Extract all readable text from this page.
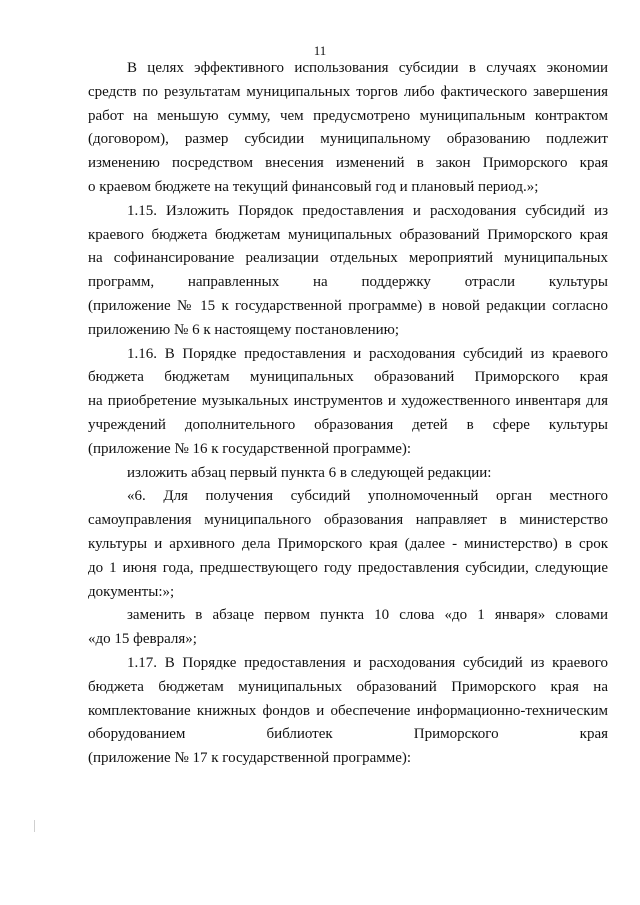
11

В целях эффективного использования субсидии в случаях экономии
средств по результатам муниципальных торгов либо фактического завершения
работ на меньшую сумму, чем предусмотрено муниципальным контрактом
(договором), размер субсидии муниципальному образованию подлежит
изменению посредством внесения изменений в закон Приморского края
о краевом бюджете на текущий финансовый год и плановый период.»;

1.15. Изложить Порядок предоставления и расходования субсидий из
краевого бюджета бюджетам муниципальных образований Приморского края
на софинансирование реализации отдельных мероприятий муниципальных
программ, направленных на поддержку отрасли культуры
(приложение № 15 к государственной программе) в новой редакции согласно
приложению № 6 к настоящему постановлению;

1.16. В Порядке предоставления и расходования субсидий из краевого
бюджета бюджетам муниципальных образований Приморского края
на приобретение музыкальных инструментов и художественного инвентаря для
учреждений дополнительного образования детей в сфере культуры
(приложение № 16 к государственной программе):

изложить абзац первый пункта 6 в следующей редакции:

«6. Для получения субсидий уполномоченный орган местного
самоуправления муниципального образования направляет в министерство
культуры и архивного дела Приморского края (далее - министерство) в срок
до 1 июня года, предшествующего году предоставления субсидии, следующие
документы:»;

заменить в абзаце первом пункта 10 слова «до 1 января» словами
«до 15 февраля»;

1.17. В Порядке предоставления и расходования субсидий из краевого
бюджета бюджетам муниципальных образований Приморского края на
комплектование книжных фондов и обеспечение информационно-техническим
оборудованием библиотек Приморского края
(приложение № 17 к государственной программе):
